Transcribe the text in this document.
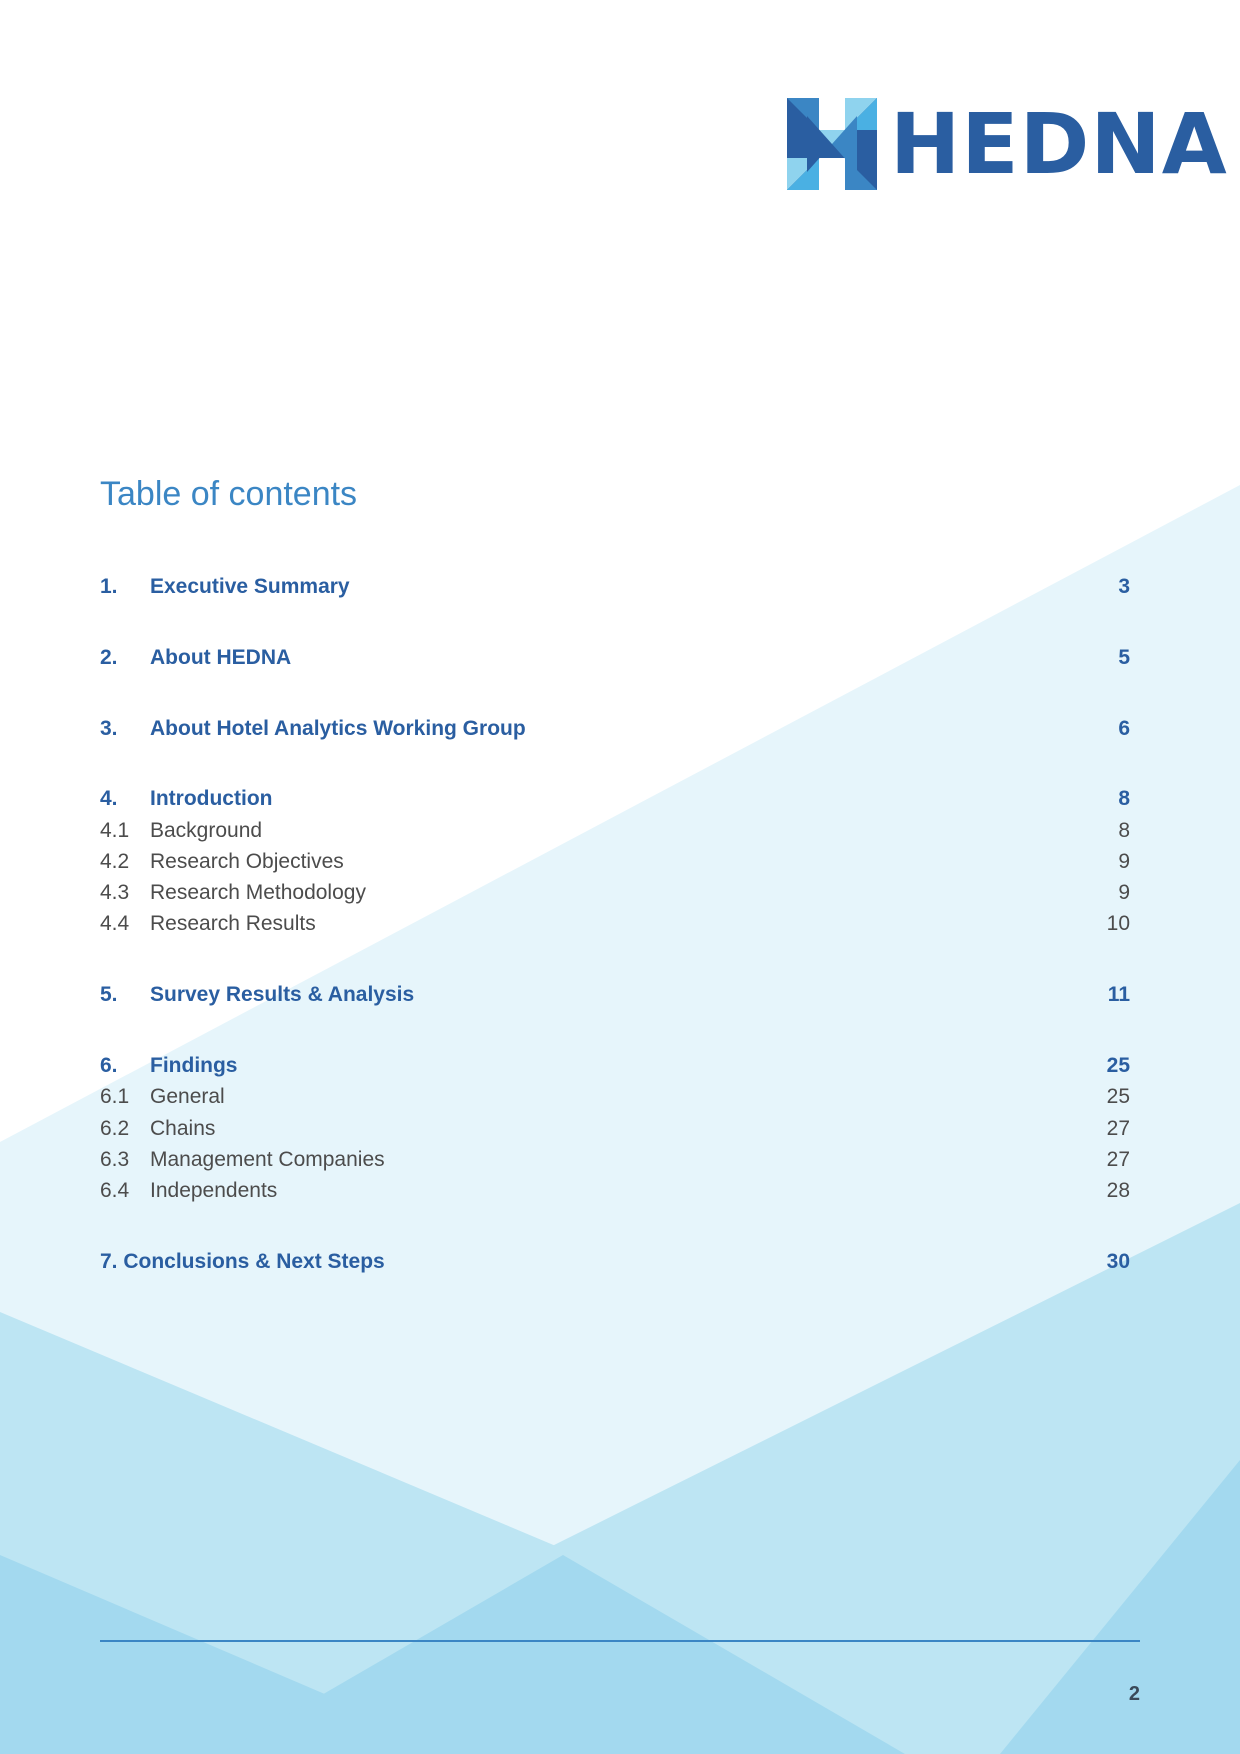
HEDNA
Table of contents
1. Executive Summary	3
2. About HEDNA	5
3. About Hotel Analytics Working Group	6
4. Introduction	8
4.1 Background	8
4.2 Research Objectives	9
4.3 Research Methodology	9
4.4 Research Results	10
5. Survey Results & Analysis	11
6. Findings	25
6.1 General	25
6.2 Chains	27
6.3 Management Companies	27
6.4 Independents	28
7. Conclusions & Next Steps	30
2
